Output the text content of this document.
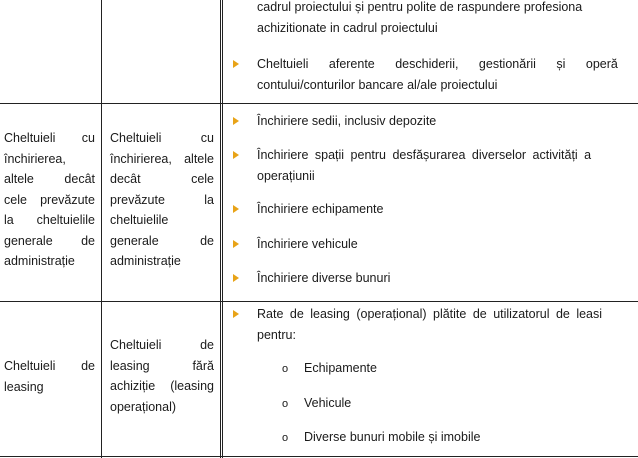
cadrul proiectului și pentru polite de raspundere profesiona
achizitionate in cadrul proiectului
Cheltuieli aferente deschiderii, gestionării și operă
contului/conturilor bancare al/ale proiectului
Cheltuieli cu
închirierea,
altele decât
cele prevăzute
la cheltuielile
generale de
administrație
Cheltuieli cu
închirierea, altele
decât cele
prevăzute la
cheltuielile
generale de
administrație
Închiriere sedii, inclusiv depozite
Închiriere spații pentru desfășurarea diverselor activități a
operațiunii
Închiriere echipamente
Închiriere vehicule
Închiriere diverse bunuri
Cheltuieli de
leasing
Cheltuieli de
leasing fără
achiziție (leasing
operațional)
Rate de leasing (operațional) plătite de utilizatorul de leasi
pentru:
o Echipamente
o Vehicule
o Diverse bunuri mobile și imobile
